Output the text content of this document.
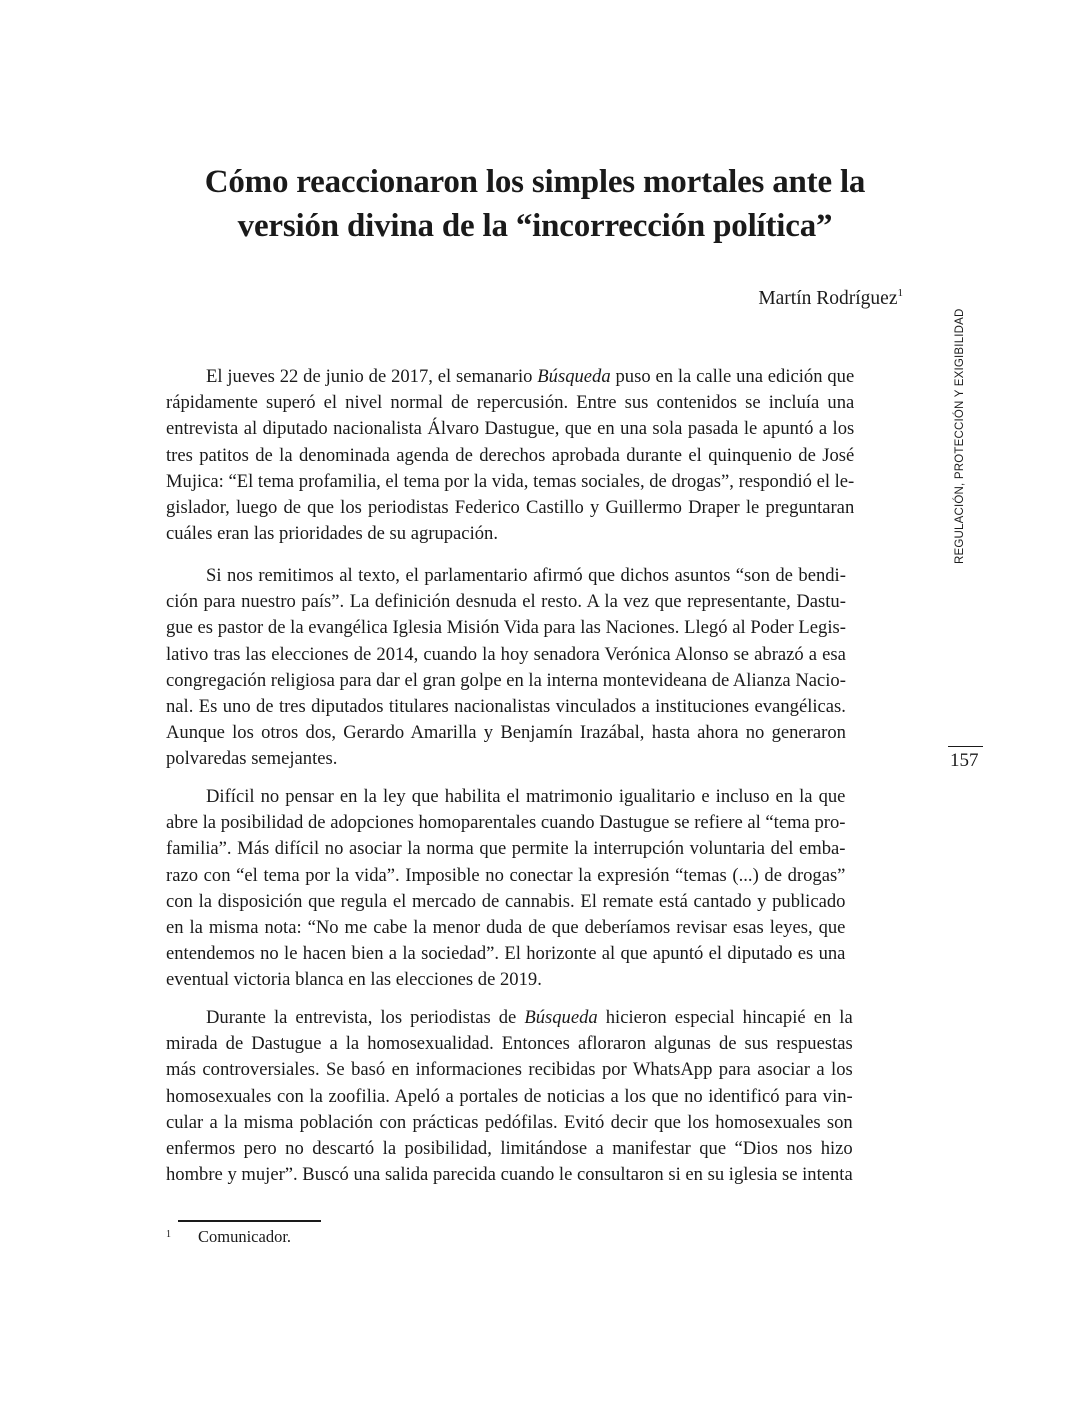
Cómo reaccionaron los simples mortales ante la
versión divina de la “incorrección política”
Martín Rodríguez$^1$
El jueves 22 de junio de 2017, el semanario Búsqueda puso en la calle una edición que
rápidamente superó el nivel normal de repercusión. Entre sus contenidos se incluía una
entrevista al diputado nacionalista Álvaro Dastugue, que en una sola pasada le apuntó a los
tres patitos de la denominada agenda de derechos aprobada durante el quinquenio de José
Mujica: “El tema profamilia, el tema por la vida, temas sociales, de drogas”, respondió el le-
gislador, luego de que los periodistas Federico Castillo y Guillermo Draper le preguntaran
cuáles eran las prioridades de su agrupación.
Si nos remitimos al texto, el parlamentario afirmó que dichos asuntos “son de bendi-
ción para nuestro país”. La definición desnuda el resto. A la vez que representante, Dastu-
gue es pastor de la evangélica Iglesia Misión Vida para las Naciones. Llegó al Poder Legis-
lativo tras las elecciones de 2014, cuando la hoy senadora Verónica Alonso se abrazó a esa
congregación religiosa para dar el gran golpe en la interna montevideana de Alianza Nacio-
nal. Es uno de tres diputados titulares nacionalistas vinculados a instituciones evangélicas.
Aunque los otros dos, Gerardo Amarilla y Benjamín Irazábal, hasta ahora no generaron
polvaredas semejantes.
Difícil no pensar en la ley que habilita el matrimonio igualitario e incluso en la que
abre la posibilidad de adopciones homoparentales cuando Dastugue se refiere al “tema pro-
familia”. Más difícil no asociar la norma que permite la interrupción voluntaria del emba-
razo con “el tema por la vida”. Imposible no conectar la expresión “temas (...) de drogas”
con la disposición que regula el mercado de cannabis. El remate está cantado y publicado
en la misma nota: “No me cabe la menor duda de que deberíamos revisar esas leyes, que
entendemos no le hacen bien a la sociedad”. El horizonte al que apuntó el diputado es una
eventual victoria blanca en las elecciones de 2019.
Durante la entrevista, los periodistas de Búsqueda hicieron especial hincapié en la
mirada de Dastugue a la homosexualidad. Entonces afloraron algunas de sus respuestas
más controversiales. Se basó en informaciones recibidas por WhatsApp para asociar a los
homosexuales con la zoofilia. Apeló a portales de noticias a los que no identificó para vin-
cular a la misma población con prácticas pedófilas. Evitó decir que los homosexuales son
enfermos pero no descartó la posibilidad, limitándose a manifestar que “Dios nos hizo
hombre y mujer”. Buscó una salida parecida cuando le consultaron si en su iglesia se intenta
REGULACIÓN, PROTECCIÓN Y EXIGIBILIDAD
157
1 Comunicador.
